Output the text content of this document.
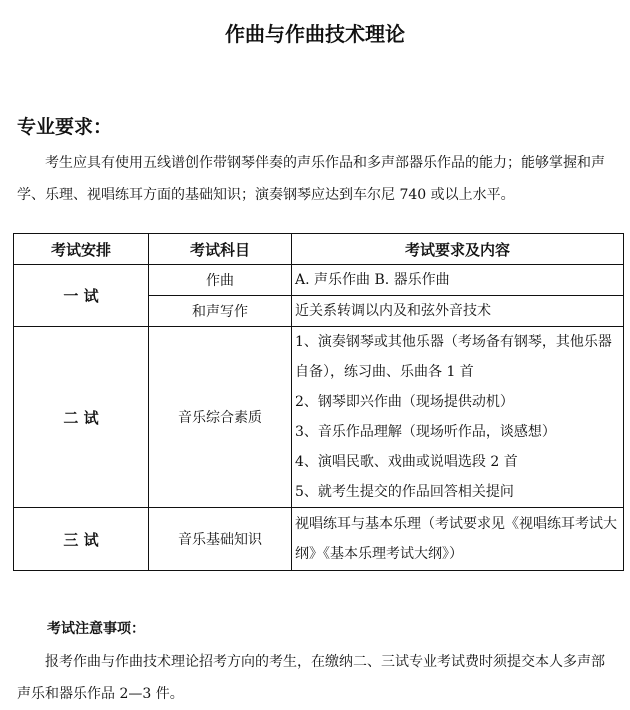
作曲与作曲技术理论
专业要求：
考生应具有使用五线谱创作带钢琴伴奏的声乐作品和多声部器乐作品的能力；能够掌握和声学、乐理、视唱练耳方面的基础知识；演奏钢琴应达到车尔尼 740 或以上水平。
考试安排	考试科目	考试要求及内容
一 试	作曲	A. 声乐作曲 B. 器乐作曲
	和声写作	近关系转调以内及和弦外音技术
二 试	音乐综合素质	1、演奏钢琴或其他乐器（考场备有钢琴，其他乐器自备），练习曲、乐曲各 1 首
2、钢琴即兴作曲（现场提供动机）
3、音乐作品理解（现场听作品，谈感想）
4、演唱民歌、戏曲或说唱选段 2 首
5、就考生提交的作品回答相关提问

三 试	音乐基础知识	视唱练耳与基本乐理（考试要求见《视唱练耳考试大纲》《基本乐理考试大纲》）
考试注意事项：
报考作曲与作曲技术理论招考方向的考生，在缴纳二、三试专业考试费时须提交本人多声部声乐和器乐作品 2—3 件。
